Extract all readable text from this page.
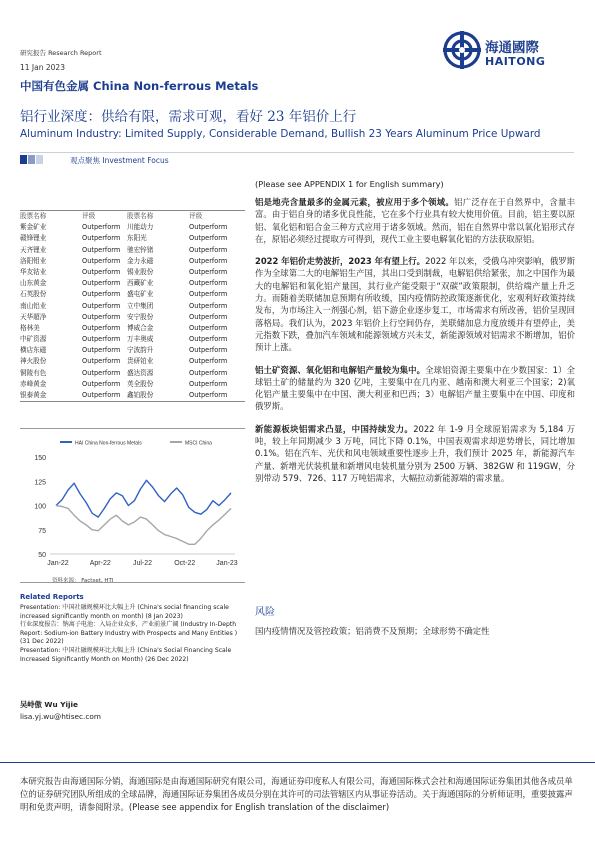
研究报告 Research Report
11 Jan 2023
中国有色金属 China Non-ferrous Metals
铝行业深度：供给有限，需求可观，看好 23 年铝价上行
Aluminum Industry: Limited Supply, Considerable Demand, Bullish 23 Years Aluminum Price Upward
观点聚焦 Investment Focus
海通國際
HAITONG
(Please see APPENDIX 1 for English summary)
股票名称	评级	股票名称	评级
紫金矿业	Outperform	川能动力	Outperform
赣锋锂业	Outperform	东阳光	Outperform
天齐锂业	Outperform	驰宏锌锗	Outperform
洛阳钼业	Outperform	金力永磁	Outperform
华友钴业	Outperform	锡业股份	Outperform
山东黄金	Outperform	西藏矿业	Outperform
石英股份	Outperform	盛屯矿业	Outperform
南山铝业	Outperform	立中集团	Outperform
天华超净	Outperform	安宁股份	Outperform
格林美	Outperform	博威合金	Outperform
中矿资源	Outperform	万丰奥威	Outperform
横店东磁	Outperform	宁波韵升	Outperform
神火股份	Outperform	贵研铂业	Outperform
铜陵有色	Outperform	盛达资源	Outperform
赤峰黄金	Outperform	英全股份	Outperform
银泰黄金	Outperform	鑫铂股份	Outperform
HAI China Non-ferrous Metals	MSCI China
50
75
100
125
150
Jan-22	Apr-22	Jul-22	Oct-22	Jan-23
资料来源： Factset, HTI
Related Reports

Presentation: 中国社融规模环比大幅上升 (China's social financing scale increased significantly month on month) (8 Jan 2023)

行业深度报告：钠离子电池：入局企业众多，产业前景广阔 (Industry In-Depth Report: Sodium-ion Battery Industry with Prospects and Many Entities ) (31 Dec 2022)

Presentation: 中国社融规模环比大幅上升 (China's Social Financing Scale Increased Significantly Month on Month) (26 Dec 2022)

吴峙傲 Wu Yijie
lisa.yj.wu@htisec.com

铝是地壳含量最多的金属元素，被应用于多个领域。铝广泛存在于自然界中，含量丰富。由于铝自身的诸多优良性能，它在多个行业具有较大使用价值。目前，铝主要以原铝、氧化铝和铝合金三种方式应用于诸多领域。然而，铝在自然界中常以氧化铝形式存在，原铝必须经过提取方可得到，现代工业主要电解氧化铝的方法获取原铝。

2022 年铝价走势波折，2023 年有望上行。2022 年以来，受俄乌冲突影响，俄罗斯作为全球第二大的电解铝生产国，其出口受到制裁，电解铝供给紧张，加之中国作为最大的电解铝和氧化铝产量国，其行业产能受限于“双碳”政策限制，供给端产量上升乏力。而随着美联储加息预期有所收缓，国内疫情防控政策逐渐优化，宏观利好政策持续发布，为市场注入一剂强心剂，铝下游企业逐步复工，市场需求有所改善，铝价呈现回落格局。我们认为，2023 年铝价上行空间仍存，美联储加息力度放缓并有望停止，美元指数下跌，叠加汽车领域和能源领域方兴未艾，新能源领域对铝需求不断增加，铝价预计上涨。

铝土矿资源、氧化铝和电解铝产量较为集中。全球铝资源主要集中在少数国家：1）全球铝土矿的储量约为 320 亿吨，主要集中在几内亚、越南和澳大利亚三个国家；2)氧化铝产量主要集中在中国、澳大利亚和巴西；3）电解铝产量主要集中在中国、印度和俄罗斯。

新能源板块铝需求凸显，中国持续发力。2022 年 1-9 月全球原铝需求为 5,184 万吨，较上年同期减少 3 万吨，同比下降 0.1%，中国表观需求却逆势增长，同比增加 0.1%。铝在汽车、光伏和风电领域重要性逐步上升，我们预计 2025 年，新能源汽车产量、新增光伏装机量和新增风电装机量分别为 2500 万辆、382GW 和 119GW，分别带动 579、726、117 万吨铝需求，大幅拉动新能源端的需求量。

风险
国内疫情情况及管控政策；铝消费不及预期；全球形势不确定性
本研究报告由海通国际分销，海通国际是由海通国际研究有限公司，海通证券印度私人有限公司，海通国际株式会社和海通国际证券集团其他各成员单位的证券研究团队所组成的全球品牌，海通国际证券集团各成员分别在其许可的司法管辖区内从事证券活动。关于海通国际的分析师证明，重要披露声明和免责声明，请参阅附录。(Please see appendix for English translation of the disclaimer)
